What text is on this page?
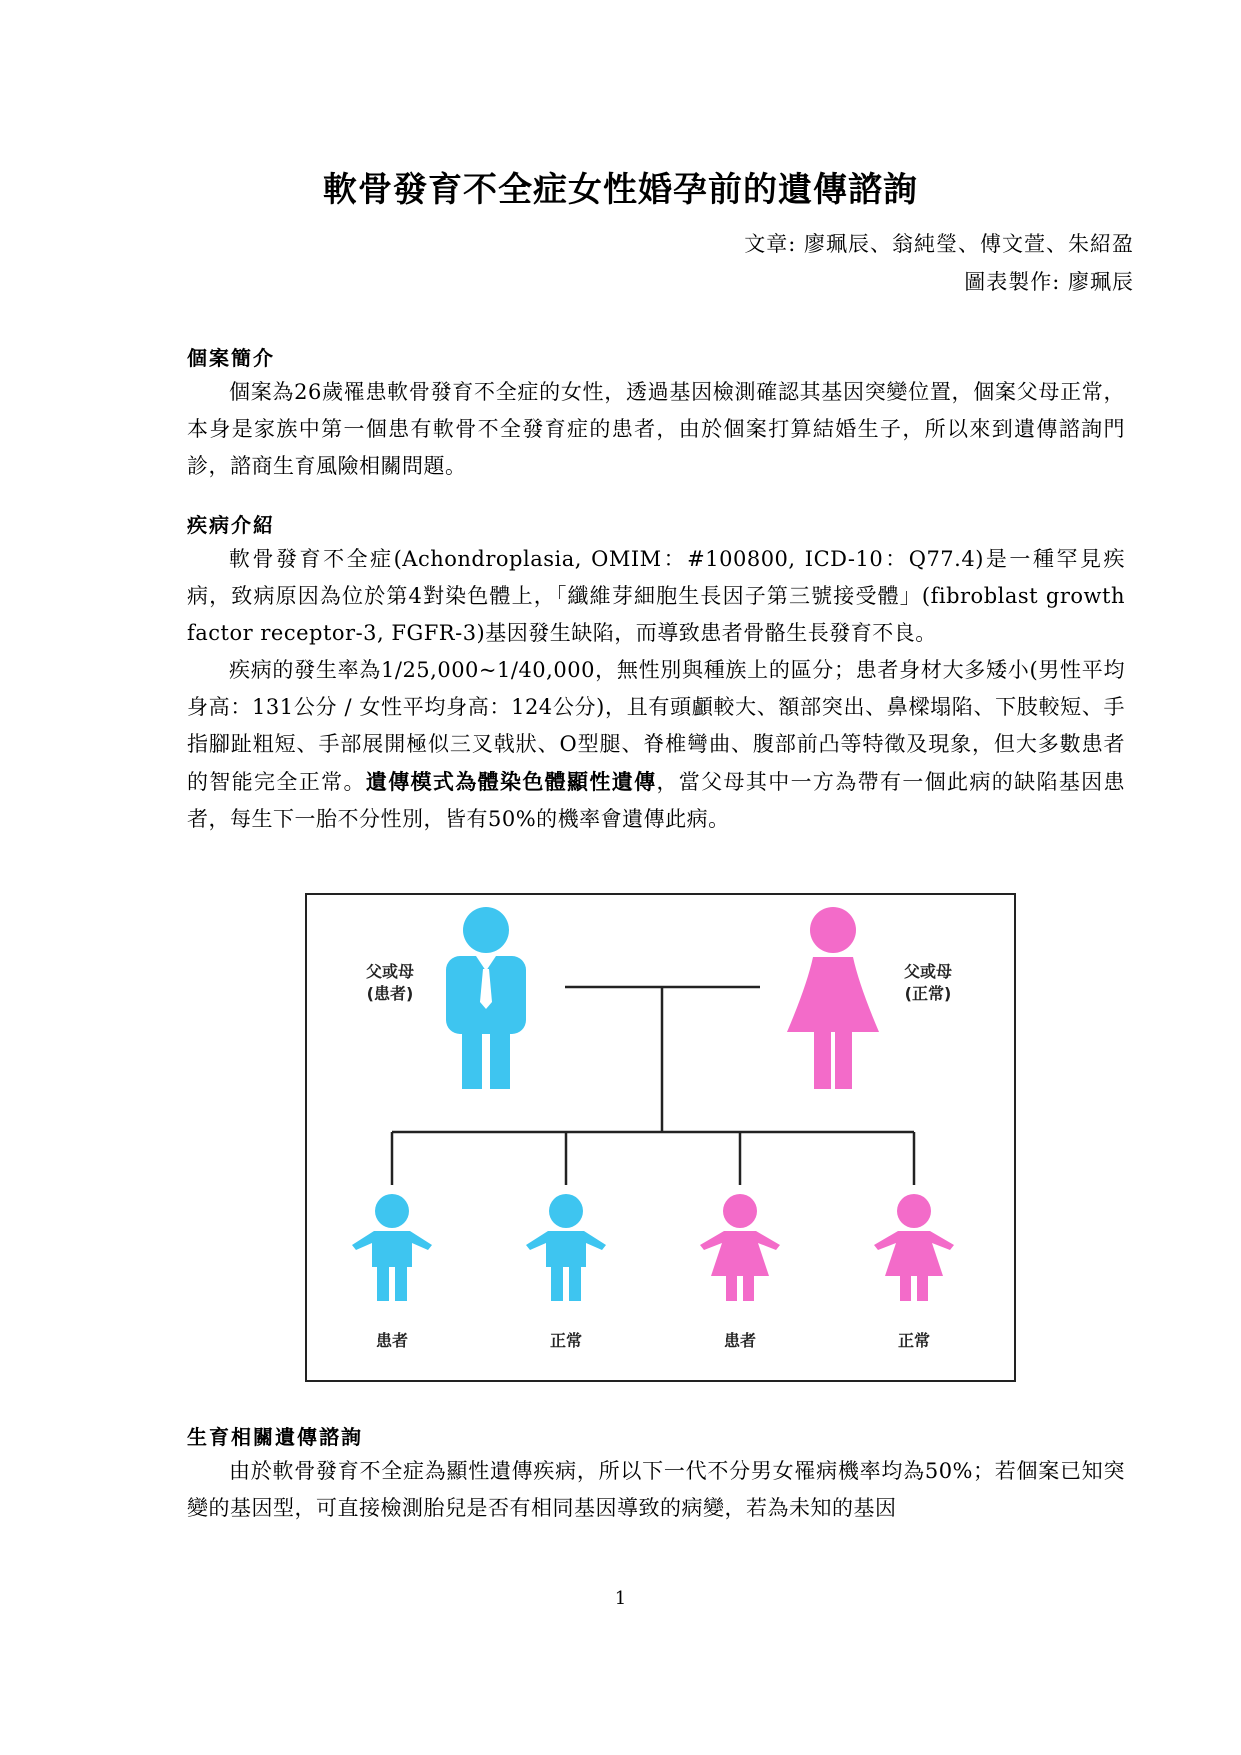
軟骨發育不全症女性婚孕前的遺傳諮詢
文章: 廖珮辰、翁純瑩、傅文萱、朱紹盈
圖表製作: 廖珮辰
個案簡介

個案為26歲罹患軟骨發育不全症的女性，透過基因檢測確認其基因突變位置，個案父母正常，本身是家族中第一個患有軟骨不全發育症的患者，由於個案打算結婚生子，所以來到遺傳諮詢門診，諮商生育風險相關問題。

疾病介紹

軟骨發育不全症(Achondroplasia, OMIM：#100800, ICD-10：Q77.4)是一種罕見疾病，致病原因為位於第4對染色體上，「纖維芽細胞生長因子第三號接受體」(fibroblast growth factor receptor-3, FGFR-3)基因發生缺陷，而導致患者骨骼生長發育不良。

疾病的發生率為1/25,000~1/40,000，無性別與種族上的區分；患者身材大多矮小(男性平均身高：131公分 / 女性平均身高：124公分)，且有頭顱較大、額部突出、鼻樑塌陷、下肢較短、手指腳趾粗短、手部展開極似三叉戟狀、O型腿、脊椎彎曲、腹部前凸等特徵及現象，但大多數患者的智能完全正常。遺傳模式為體染色體顯性遺傳，當父母其中一方為帶有一個此病的缺陷基因患者，每生下一胎不分性別，皆有50%的機率會遺傳此病。

父或母
(患者)
父或母
(正常)
患者	正常	患者	正常
生育相關遺傳諮詢

由於軟骨發育不全症為顯性遺傳疾病，所以下一代不分男女罹病機率均為50%；若個案已知突變的基因型，可直接檢測胎兒是否有相同基因導致的病變，若為未知的基因

1
